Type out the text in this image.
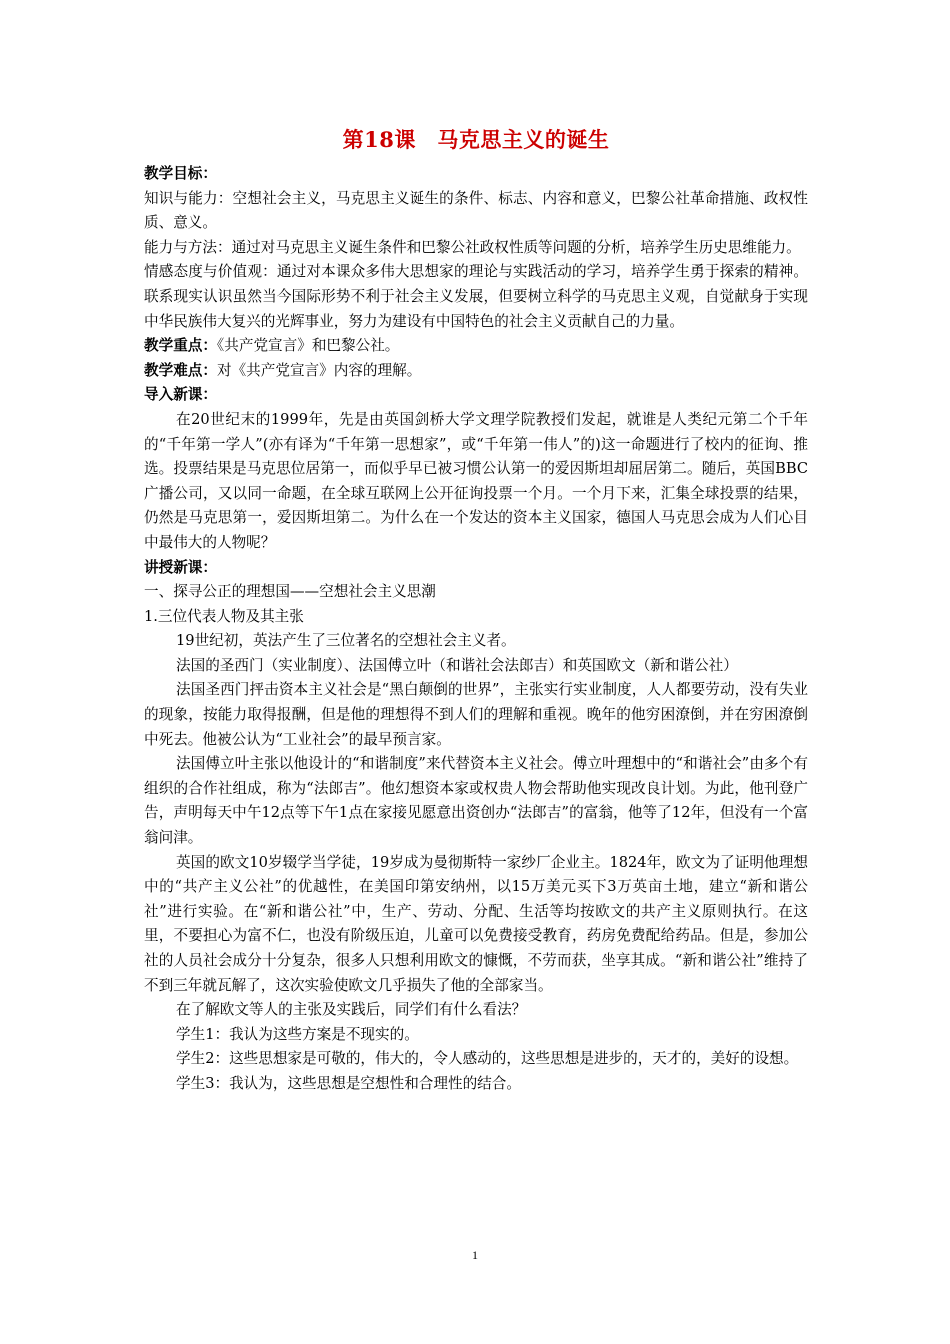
第18课　马克思主义的诞生

教学目标：

知识与能力：空想社会主义，马克思主义诞生的条件、标志、内容和意义，巴黎公社革命措施、政权性质、意义。

能力与方法：通过对马克思主义诞生条件和巴黎公社政权性质等问题的分析，培养学生历史思维能力。

情感态度与价值观：通过对本课众多伟大思想家的理论与实践活动的学习，培养学生勇于探索的精神。联系现实认识虽然当今国际形势不利于社会主义发展，但要树立科学的马克思主义观，自觉献身于实现中华民族伟大复兴的光辉事业，努力为建设有中国特色的社会主义贡献自己的力量。

教学重点：《共产党宣言》和巴黎公社。

教学难点：对《共产党宣言》内容的理解。

导入新课：

在20世纪末的1999年，先是由英国剑桥大学文理学院教授们发起，就谁是人类纪元第二个千年的“千年第一学人”(亦有译为“千年第一思想家”，或“千年第一伟人”的)这一命题进行了校内的征询、推选。投票结果是马克思位居第一，而似乎早已被习惯公认第一的爱因斯坦却屈居第二。随后，英国BBC广播公司，又以同一命题，在全球互联网上公开征询投票一个月。一个月下来，汇集全球投票的结果，仍然是马克思第一，爱因斯坦第二。为什么在一个发达的资本主义国家，德国人马克思会成为人们心目中最伟大的人物呢？

讲授新课：

一、探寻公正的理想国——空想社会主义思潮

1.三位代表人物及其主张

19世纪初，英法产生了三位著名的空想社会主义者。

法国的圣西门（实业制度）、法国傅立叶（和谐社会法郎吉）和英国欧文（新和谐公社）

法国圣西门抨击资本主义社会是“黑白颠倒的世界”，主张实行实业制度，人人都要劳动，没有失业的现象，按能力取得报酬，但是他的理想得不到人们的理解和重视。晚年的他穷困潦倒，并在穷困潦倒中死去。他被公认为“工业社会”的最早预言家。

法国傅立叶主张以他设计的“和谐制度”来代替资本主义社会。傅立叶理想中的“和谐社会”由多个有组织的合作社组成，称为“法郎吉”。他幻想资本家或权贵人物会帮助他实现改良计划。为此，他刊登广告，声明每天中午12点等下午1点在家接见愿意出资创办“法郎吉”的富翁，他等了12年，但没有一个富翁问津。

英国的欧文10岁辍学当学徒，19岁成为曼彻斯特一家纱厂企业主。1824年，欧文为了证明他理想中的“共产主义公社”的优越性，在美国印第安纳州，以15万美元买下3万英亩土地，建立“新和谐公社”进行实验。在“新和谐公社”中，生产、劳动、分配、生活等均按欧文的共产主义原则执行。在这里，不要担心为富不仁，也没有阶级压迫，儿童可以免费接受教育，药房免费配给药品。但是，参加公社的人员社会成分十分复杂，很多人只想利用欧文的慷慨，不劳而获，坐享其成。“新和谐公社”维持了不到三年就瓦解了，这次实验使欧文几乎损失了他的全部家当。

在了解欧文等人的主张及实践后，同学们有什么看法？

学生1：我认为这些方案是不现实的。

学生2：这些思想家是可敬的，伟大的，令人感动的，这些思想是进步的，天才的，美好的设想。

学生3：我认为，这些思想是空想性和合理性的结合。

1
